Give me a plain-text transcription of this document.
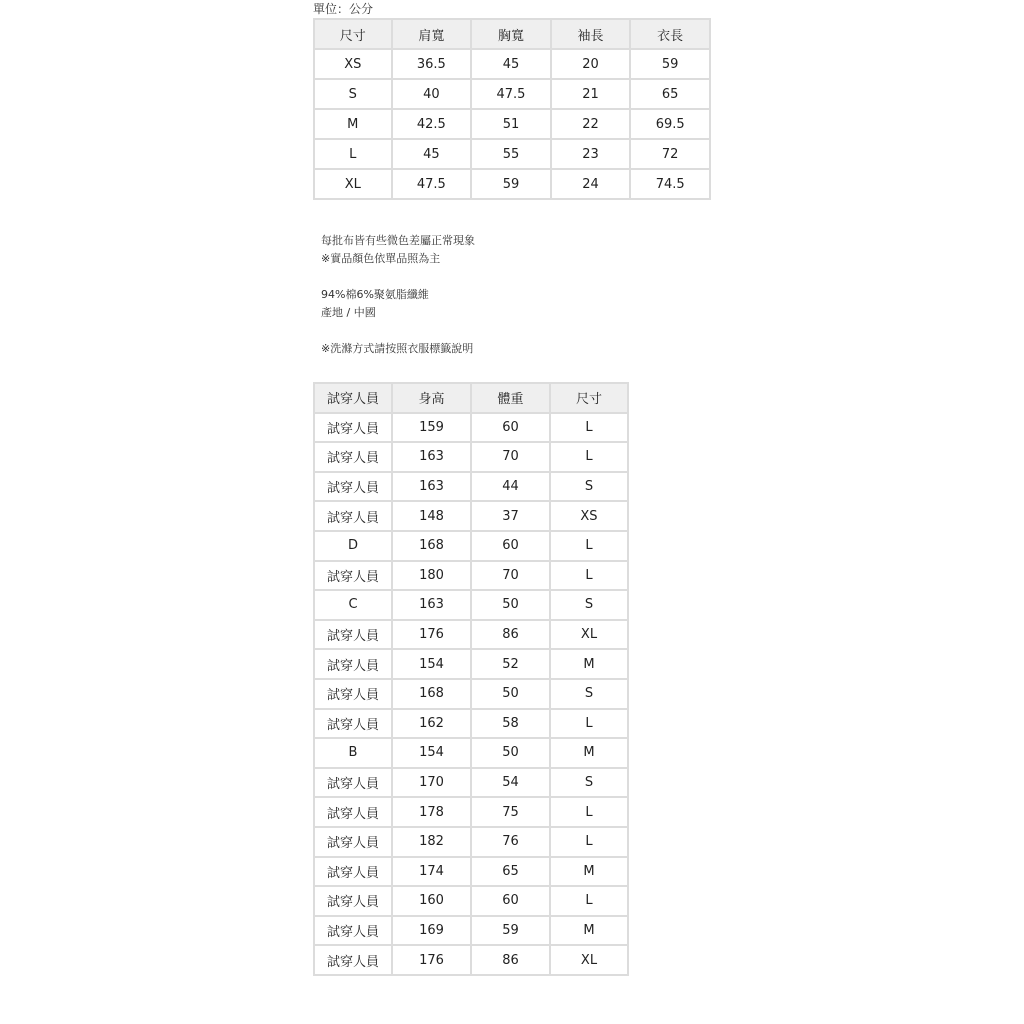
單位：公分
尺寸	肩寬	胸寬	袖長	衣長
XS	36.5	45	20	59
S	40	47.5	21	65
M	42.5	51	22	69.5
L	45	55	23	72
XL	47.5	59	24	74.5
每批布皆有些微色差屬正常現象
※實品顏色依單品照為主
94%棉6%聚氨脂纖維
產地 / 中國
※洗滌方式請按照衣服標籤說明
試穿人員	身高	體重	尺寸
試穿人員	159	60	L
試穿人員	163	70	L
試穿人員	163	44	S
試穿人員	148	37	XS
D	168	60	L
試穿人員	180	70	L
C	163	50	S
試穿人員	176	86	XL
試穿人員	154	52	M
試穿人員	168	50	S
試穿人員	162	58	L
B	154	50	M
試穿人員	170	54	S
試穿人員	178	75	L
試穿人員	182	76	L
試穿人員	174	65	M
試穿人員	160	60	L
試穿人員	169	59	M
試穿人員	176	86	XL
